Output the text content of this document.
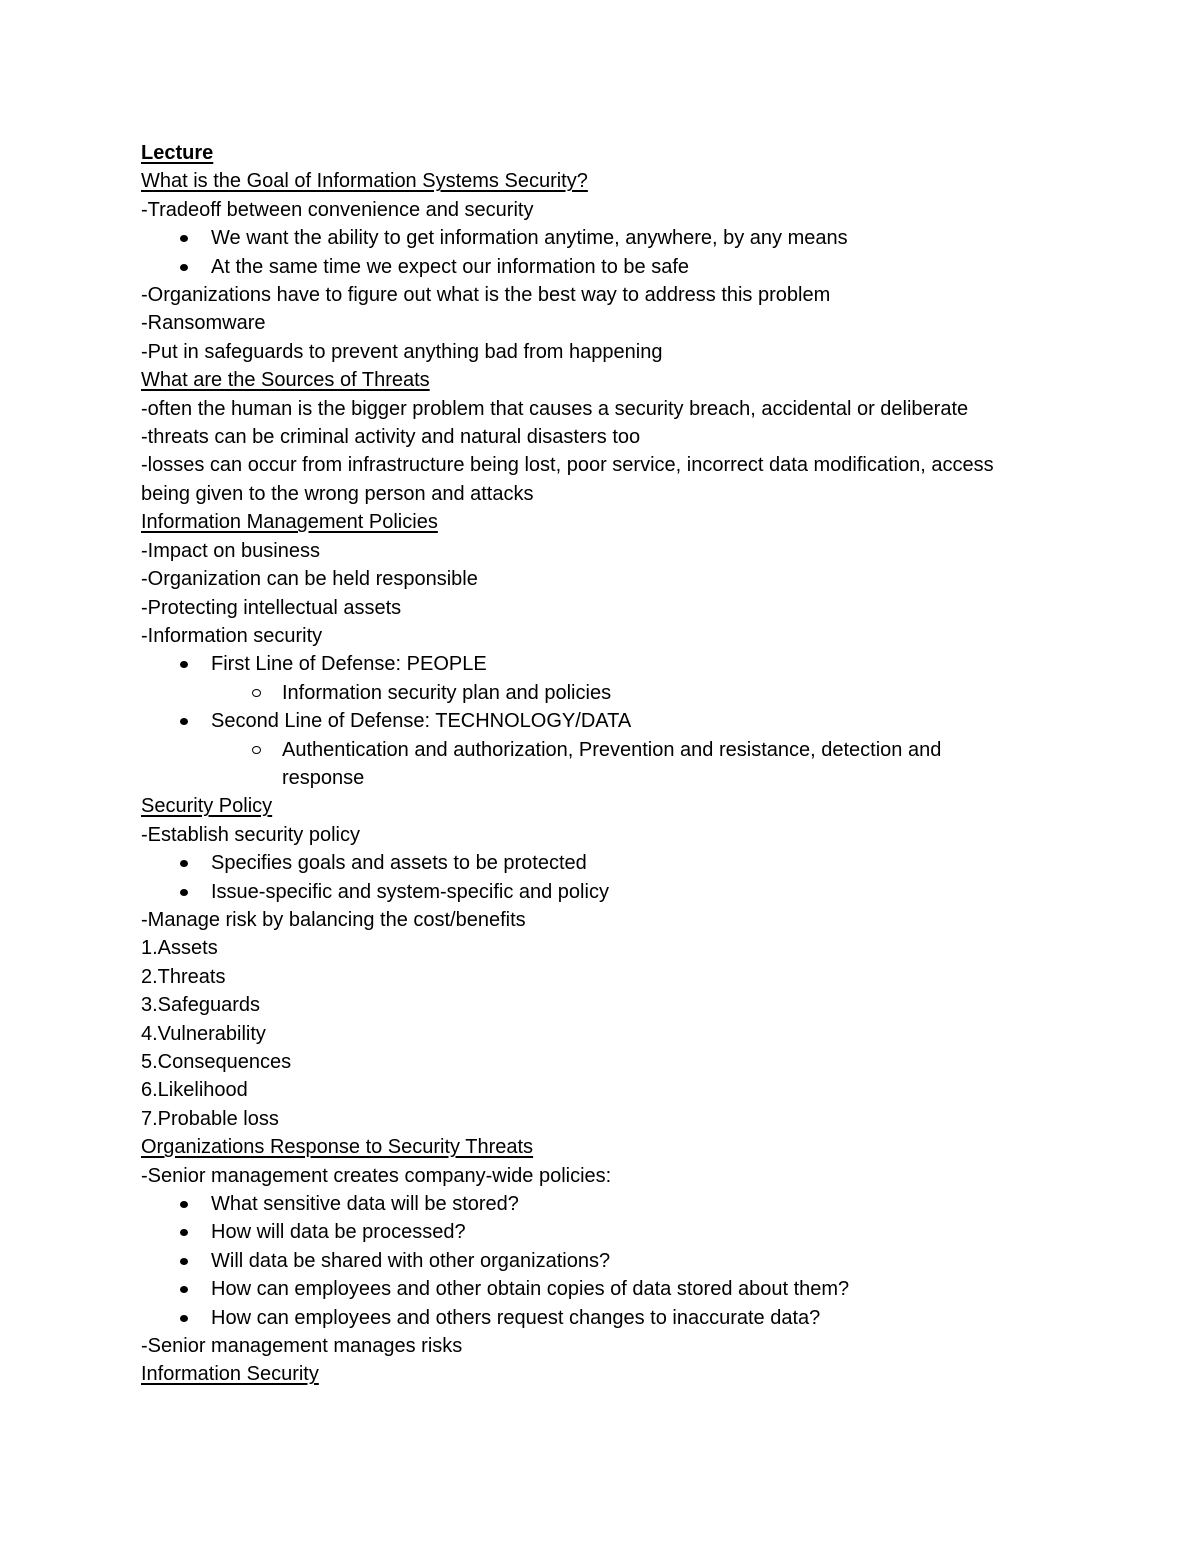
Lecture

What is the Goal of Information Systems Security?

-Tradeoff between convenience and security

We want the ability to get information anytime, anywhere, by any means
At the same time we expect our information to be safe

-Organizations have to figure out what is the best way to address this problem

-Ransomware

-Put in safeguards to prevent anything bad from happening

What are the Sources of Threats

-often the human is the bigger problem that causes a security breach, accidental or deliberate

-threats can be criminal activity and natural disasters too

-losses can occur from infrastructure being lost, poor service, incorrect data modification, access being given to the wrong person and attacks

Information Management Policies

-Impact on business

-Organization can be held responsible

-Protecting intellectual assets

-Information security

First Line of Defense: PEOPLE
Information security plan and policies
Second Line of Defense: TECHNOLOGY/DATA
Authentication and authorization, Prevention and resistance, detection and response

Security Policy

-Establish security policy

Specifies goals and assets to be protected
Issue-specific and system-specific and policy

-Manage risk by balancing the cost/benefits

1.Assets

2.Threats

3.Safeguards

4.Vulnerability

5.Consequences

6.Likelihood

7.Probable loss

Organizations Response to Security Threats

-Senior management creates company-wide policies:

What sensitive data will be stored?
How will data be processed?
Will data be shared with other organizations?
How can employees and other obtain copies of data stored about them?
How can employees and others request changes to inaccurate data?

-Senior management manages risks

Information Security
